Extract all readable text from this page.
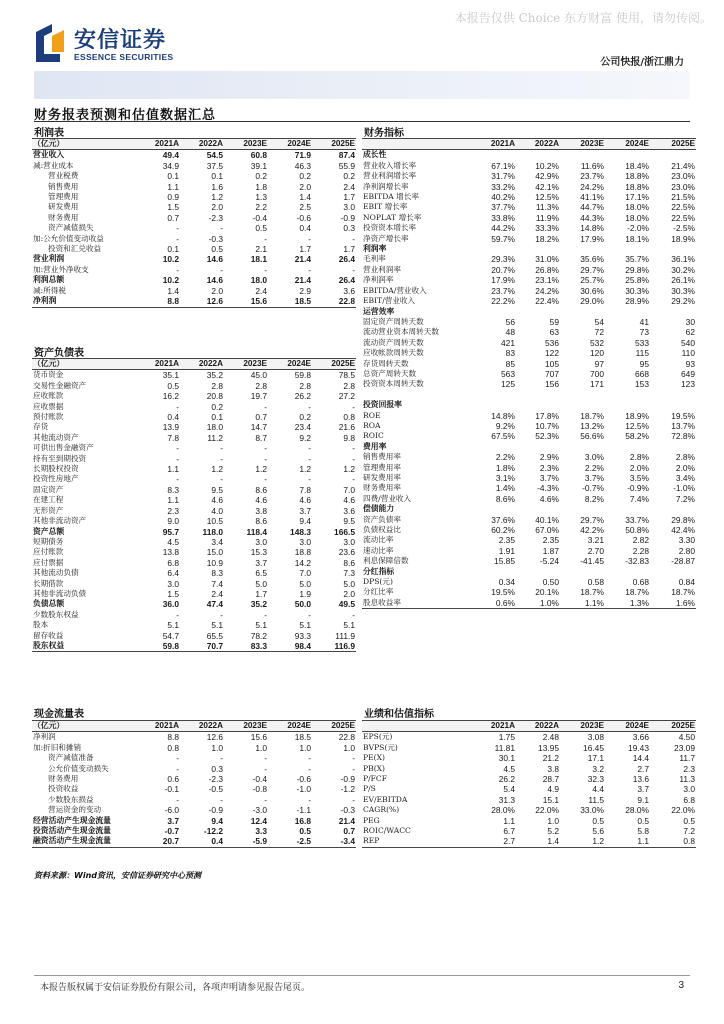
本报告仅供 Choice 东方财富 使用，请勿传阅。
安信证券
ESSENCE SECURITIES	公司快报/浙江鼎力
财务报表预测和估值数据汇总
利润表
（亿元）	2021A	2022A	2023E	2024E	2025E
营业收入	49.4	54.5	60.8	71.9	87.4
减:营业成本	34.9	37.5	39.1	46.3	55.9
营业税费	0.1	0.1	0.2	0.2	0.2
销售费用	1.1	1.6	1.8	2.0	2.4
管理费用	0.9	1.2	1.3	1.4	1.7
研发费用	1.5	2.0	2.2	2.5	3.0
财务费用	0.7	-2.3	-0.4	-0.6	-0.9
资产减值损失	-	-	0.5	0.4	0.3
加:公允价值变动收益	-	-0.3	-	-	-
投资和汇兑收益	0.1	0.5	2.1	1.7	1.7
营业利润	10.2	14.6	18.1	21.4	26.4
加:营业外净收支	-	-	-	-	-
利润总额	10.2	14.6	18.0	21.4	26.4
减:所得税	1.4	2.0	2.4	2.9	3.6
净利润	8.8	12.6	15.6	18.5	22.8
资产负债表
（亿元）	2021A	2022A	2023E	2024E	2025E
货币资金	35.1	35.2	45.0	59.8	78.5
交易性金融资产	0.5	2.8	2.8	2.8	2.8
应收账款	16.2	20.8	19.7	26.2	27.2
应收票据	-	0.2	-	-	-
预付账款	0.4	0.1	0.7	0.2	0.8
存货	13.9	18.0	14.7	23.4	21.6
其他流动资产	7.8	11.2	8.7	9.2	9.8
可供出售金融资产	-	-	-	-	-
持有至到期投资	-	-	-	-	-
长期股权投资	1.1	1.2	1.2	1.2	1.2
投资性房地产	-	-	-	-	-
固定资产	8.3	9.5	8.6	7.8	7.0
在建工程	1.1	4.6	4.6	4.6	4.6
无形资产	2.3	4.0	3.8	3.7	3.6
其他非流动资产	9.0	10.5	8.6	9.4	9.5
资产总额	95.7	118.0	118.4	148.3	166.5
短期债务	4.5	3.4	3.0	3.0	3.0
应付账款	13.8	15.0	15.3	18.8	23.6
应付票据	6.8	10.9	3.7	14.2	8.6
其他流动负债	6.4	8.3	6.5	7.0	7.3
长期借款	3.0	7.4	5.0	5.0	5.0
其他非流动负债	1.5	2.4	1.7	1.9	2.0
负债总额	36.0	47.4	35.2	50.0	49.5
少数股东权益	-	-	-	-	-
股本	5.1	5.1	5.1	5.1	5.1
留存收益	54.7	65.5	78.2	93.3	111.9
股东权益	59.8	70.7	83.3	98.4	116.9
财务指标
	2021A	2022A	2023E	2024E	2025E
成长性					
营业收入增长率	67.1%	10.2%	11.6%	18.4%	21.4%
营业利润增长率	31.7%	42.9%	23.7%	18.8%	23.0%
净利润增长率	33.2%	42.1%	24.2%	18.8%	23.0%
EBITDA 增长率	40.2%	12.5%	41.1%	17.1%	21.5%
EBIT 增长率	37.7%	11.3%	44.7%	18.0%	22.5%
NOPLAT 增长率	33.8%	11.9%	44.3%	18.0%	22.5%
投资资本增长率	44.2%	33.3%	14.8%	-2.0%	-2.5%
净资产增长率	59.7%	18.2%	17.9%	18.1%	18.9%
利润率					
毛利率	29.3%	31.0%	35.6%	35.7%	36.1%
营业利润率	20.7%	26.8%	29.7%	29.8%	30.2%
净利润率	17.9%	23.1%	25.7%	25.8%	26.1%
EBITDA/营业收入	23.7%	24.2%	30.6%	30.3%	30.3%
EBIT/营业收入	22.2%	22.4%	29.0%	28.9%	29.2%
运营效率					
固定资产周转天数	56	59	54	41	30
流动营业资本周转天数	48	63	72	73	62
流动资产周转天数	421	536	532	533	540
应收帐款周转天数	83	122	120	115	110
存货周转天数	85	105	97	95	93
总资产周转天数	563	707	700	668	649
投资资本周转天数	125	156	171	153	123

投资回报率					
ROE	14.8%	17.8%	18.7%	18.9%	19.5%
ROA	9.2%	10.7%	13.2%	12.5%	13.7%
ROIC	67.5%	52.3%	56.6%	58.2%	72.8%
费用率					
销售费用率	2.2%	2.9%	3.0%	2.8%	2.8%
管理费用率	1.8%	2.3%	2.2%	2.0%	2.0%
研发费用率	3.1%	3.7%	3.7%	3.5%	3.4%
财务费用率	1.4%	-4.3%	-0.7%	-0.9%	-1.0%
四费/营业收入	8.6%	4.6%	8.2%	7.4%	7.2%
偿债能力					
资产负债率	37.6%	40.1%	29.7%	33.7%	29.8%
负债权益比	60.2%	67.0%	42.2%	50.8%	42.4%
流动比率	2.35	2.35	3.21	2.82	3.30
速动比率	1.91	1.87	2.70	2.28	2.80
利息保障倍数	15.85	-5.24	-41.45	-32.83	-28.87
分红指标					
DPS(元)	0.34	0.50	0.58	0.68	0.84
分红比率	19.5%	20.1%	18.7%	18.7%	18.7%
股息收益率	0.6%	1.0%	1.1%	1.3%	1.6%
现金流量表
（亿元）	2021A	2022A	2023E	2024E	2025E
净利润	8.8	12.6	15.6	18.5	22.8
加:折旧和摊销	0.8	1.0	1.0	1.0	1.0
资产减值准备	-	-	-	-	-
公允价值变动损失	-	0.3	-	-	-
财务费用	0.6	-2.3	-0.4	-0.6	-0.9
投资收益	-0.1	-0.5	-0.8	-1.0	-1.2
少数股东损益	-	-	-	-	-
营运资金的变动	-6.0	-0.9	-3.0	-1.1	-0.3
经营活动产生现金流量	3.7	9.4	12.4	16.8	21.4
投资活动产生现金流量	-0.7	-12.2	3.3	0.5	0.7
融资活动产生现金流量	20.7	0.4	-5.9	-2.5	-3.4
业绩和估值指标
	2021A	2022A	2023E	2024E	2025E
EPS(元)	1.75	2.48	3.08	3.66	4.50
BVPS(元)	11.81	13.95	16.45	19.43	23.09
PE(X)	30.1	21.2	17.1	14.4	11.7
PB(X)	4.5	3.8	3.2	2.7	2.3
P/FCF	26.2	28.7	32.3	13.6	11.3
P/S	5.4	4.9	4.4	3.7	3.0
EV/EBITDA	31.3	15.1	11.5	9.1	6.8
CAGR(%)	28.0%	22.0%	33.0%	28.0%	22.0%
PEG	1.1	1.0	0.5	0.5	0.5
ROIC/WACC	6.7	5.2	5.6	5.8	7.2
REP	2.7	1.4	1.2	1.1	0.8
资料来源：Wind资讯，安信证券研究中心预测
本报告版权属于安信证券股份有限公司，各项声明请参见报告尾页。	3
